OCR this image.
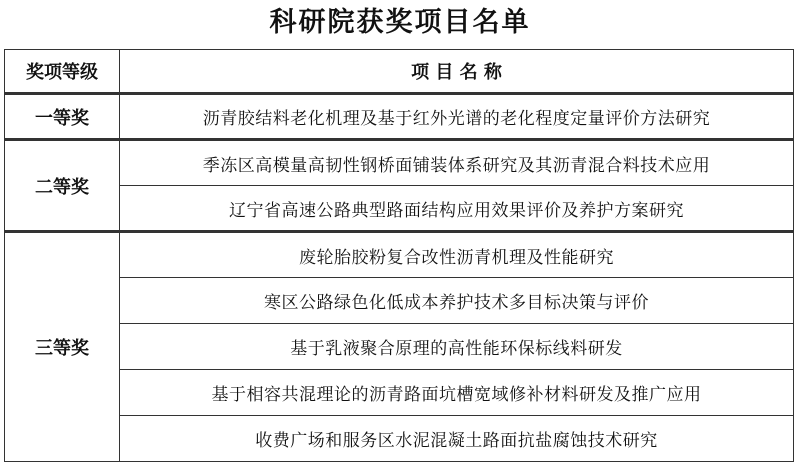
科研院获奖项目名单
奖项等级	项 目 名 称
一等奖	沥青胶结料老化机理及基于红外光谱的老化程度定量评价方法研究
二等奖	季冻区高模量高韧性钢桥面铺装体系研究及其沥青混合料技术应用
	辽宁省高速公路典型路面结构应用效果评价及养护方案研究
三等奖	废轮胎胶粉复合改性沥青机理及性能研究
	寒区公路绿色化低成本养护技术多目标决策与评价
	基于乳液聚合原理的高性能环保标线料研发
	基于相容共混理论的沥青路面坑槽宽域修补材料研发及推广应用
	收费广场和服务区水泥混凝土路面抗盐腐蚀技术研究
